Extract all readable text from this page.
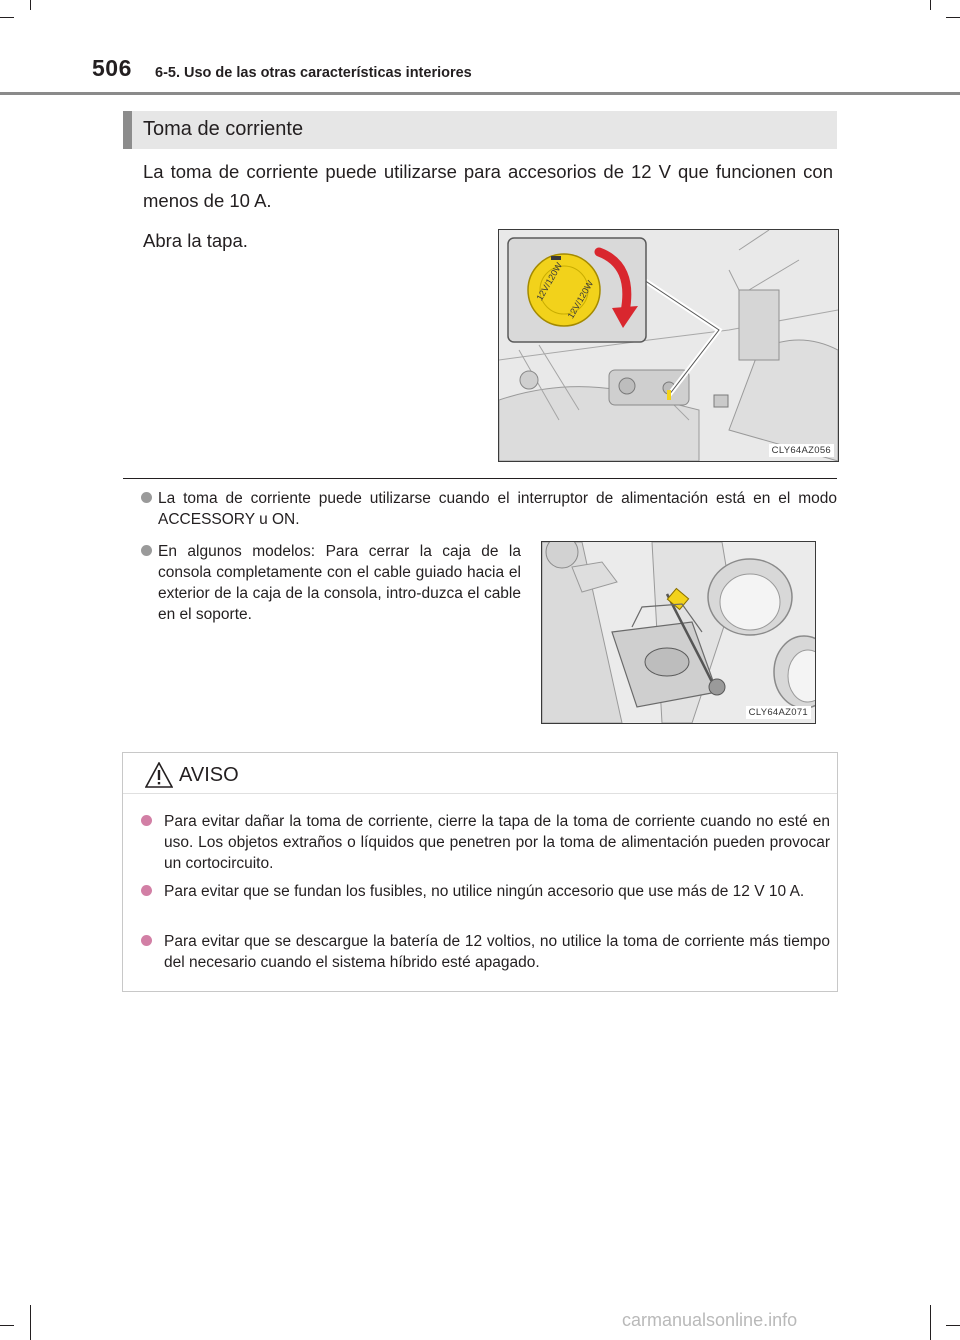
506 6-5. Uso de las otras características interiores
Toma de corriente
La toma de corriente puede utilizarse para accesorios de 12 V que funcionen con menos de 10 A.
Abra la tapa.
12V/120W 12V/120W
CLY64AZ056
La toma de corriente puede utilizarse cuando el interruptor de alimentación está en el modo ACCESSORY u ON.
En algunos modelos: Para cerrar la caja de la consola completamente con el cable guiado hacia el exterior de la caja de la consola, intro-duzca el cable en el soporte.
CLY64AZ071
AVISO
Para evitar dañar la toma de corriente, cierre la tapa de la toma de corriente cuando no esté en uso. Los objetos extraños o líquidos que penetren por la toma de alimentación pueden provocar un cortocircuito.
Para evitar que se fundan los fusibles, no utilice ningún accesorio que use más de 12 V 10 A.
Para evitar que se descargue la batería de 12 voltios, no utilice la toma de corriente más tiempo del necesario cuando el sistema híbrido esté apagado.
carmanualsonline.info
